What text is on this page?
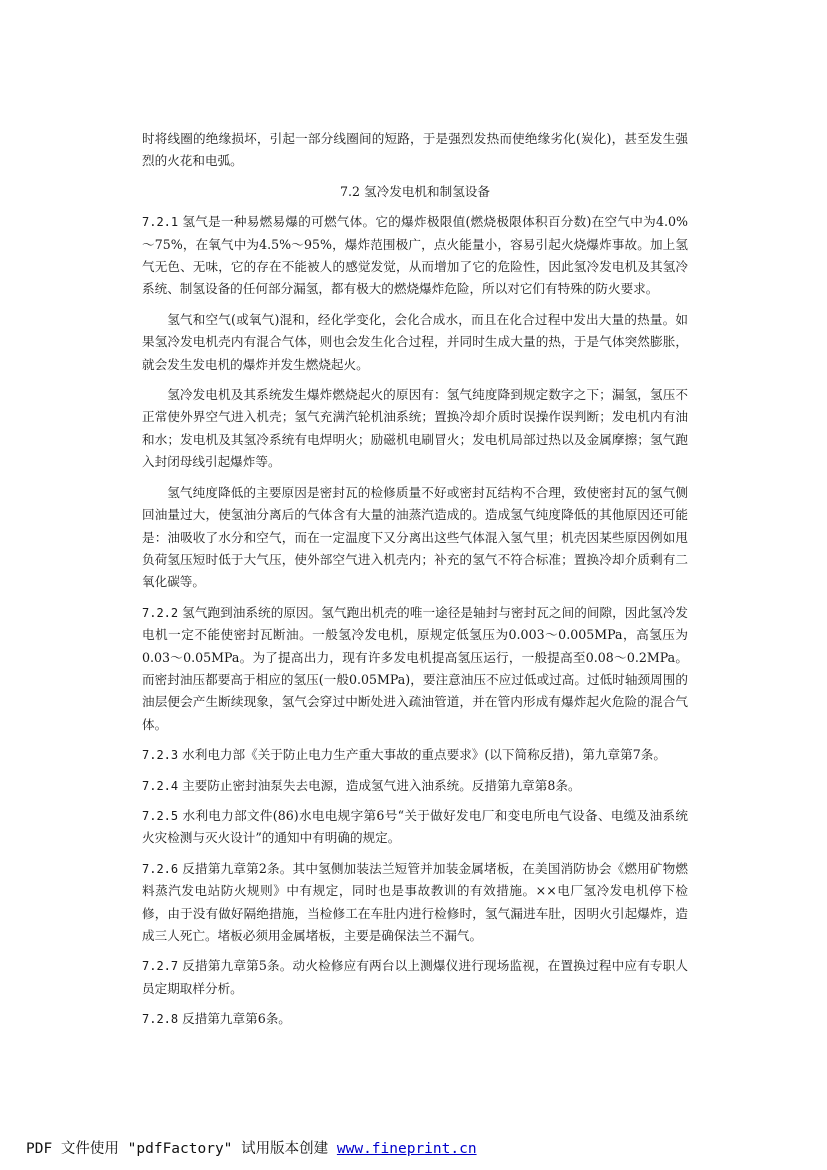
时将线圈的绝缘损坏，引起一部分线圈间的短路，于是强烈发热而使绝缘劣化(炭化)，甚至发生强烈的火花和电弧。

7.2 氢冷发电机和制氢设备

7.2.1 氢气是一种易燃易爆的可燃气体。它的爆炸极限值(燃烧极限体积百分数)在空气中为4.0%～75%，在氧气中为4.5%～95%，爆炸范围极广，点火能量小，容易引起火烧爆炸事故。加上氢气无色、无味，它的存在不能被人的感觉发觉，从而增加了它的危险性，因此氢冷发电机及其氢冷系统、制氢设备的任何部分漏氢，都有极大的燃烧爆炸危险，所以对它们有特殊的防火要求。

氢气和空气(或氧气)混和，经化学变化，会化合成水，而且在化合过程中发出大量的热量。如果氢冷发电机壳内有混合气体，则也会发生化合过程，并同时生成大量的热，于是气体突然膨胀，就会发生发电机的爆炸并发生燃烧起火。

氢冷发电机及其系统发生爆炸燃烧起火的原因有：氢气纯度降到规定数字之下；漏氢，氢压不正常使外界空气进入机壳；氢气充满汽轮机油系统；置换冷却介质时误操作误判断；发电机内有油和水；发电机及其氢冷系统有电焊明火；励磁机电刷冒火；发电机局部过热以及金属摩擦；氢气跑入封闭母线引起爆炸等。

氢气纯度降低的主要原因是密封瓦的检修质量不好或密封瓦结构不合理，致使密封瓦的氢气侧回油量过大，使氢油分离后的气体含有大量的油蒸汽造成的。造成氢气纯度降低的其他原因还可能是：油吸收了水分和空气，而在一定温度下又分离出这些气体混入氢气里；机壳因某些原因例如甩负荷氢压短时低于大气压，使外部空气进入机壳内；补充的氢气不符合标准；置换冷却介质剩有二氧化碳等。

7.2.2 氢气跑到油系统的原因。氢气跑出机壳的唯一途径是轴封与密封瓦之间的间隙，因此氢冷发电机一定不能使密封瓦断油。一般氢冷发电机，原规定低氢压为0.003～0.005MPa，高氢压为0.03～0.05MPa。为了提高出力，现有许多发电机提高氢压运行，一般提高至0.08～0.2MPa。而密封油压都要高于相应的氢压(一般0.05MPa)，要注意油压不应过低或过高。过低时轴颈周围的油层便会产生断续现象，氢气会穿过中断处进入疏油管道，并在管内形成有爆炸起火危险的混合气体。

7.2.3 水利电力部《关于防止电力生产重大事故的重点要求》(以下简称反措)，第九章第7条。

7.2.4 主要防止密封油泵失去电源，造成氢气进入油系统。反措第九章第8条。

7.2.5 水利电力部文件(86)水电电规字第6号“关于做好发电厂和变电所电气设备、电缆及油系统火灾检测与灭火设计”的通知中有明确的规定。

7.2.6 反措第九章第2条。其中氢侧加装法兰短管并加装金属堵板，在美国消防协会《燃用矿物燃料蒸汽发电站防火规则》中有规定，同时也是事故教训的有效措施。××电厂氢冷发电机停下检修，由于没有做好隔绝措施，当检修工在车肚内进行检修时，氢气漏进车肚，因明火引起爆炸，造成三人死亡。堵板必须用金属堵板，主要是确保法兰不漏气。

7.2.7 反措第九章第5条。动火检修应有两台以上测爆仪进行现场监视，在置换过程中应有专职人员定期取样分析。

7.2.8 反措第九章第6条。

PDF 文件使用 "pdfFactory" 试用版本创建 www.fineprint.cn
